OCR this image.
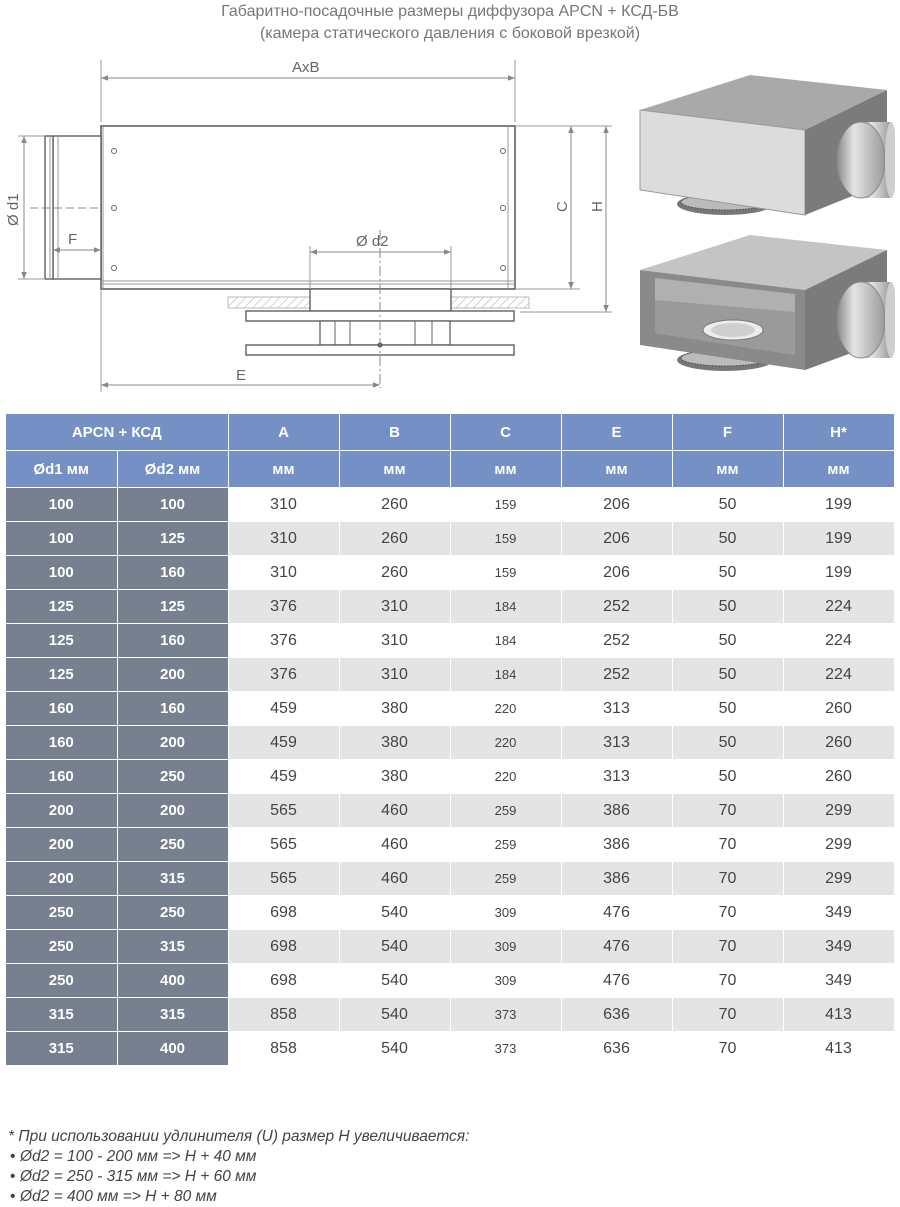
Габаритно-посадочные размеры диффузора APCN + КСД-БВ
(камера статического давления с боковой врезкой)
AxB
Ø d1
F
C H
Ø d2
E
APCN + КСД		A	B	C	E	F	H*
Ød1 мм	Ød2 мм	мм	мм	мм	мм	мм	мм
100	100	310	260	159	206	50	199
100	125	310	260	159	206	50	199
100	160	310	260	159	206	50	199
125	125	376	310	184	252	50	224
125	160	376	310	184	252	50	224
125	200	376	310	184	252	50	224
160	160	459	380	220	313	50	260
160	200	459	380	220	313	50	260
160	250	459	380	220	313	50	260
200	200	565	460	259	386	70	299
200	250	565	460	259	386	70	299
200	315	565	460	259	386	70	299
250	250	698	540	309	476	70	349
250	315	698	540	309	476	70	349
250	400	698	540	309	476	70	349
315	315	858	540	373	636	70	413
315	400	858	540	373	636	70	413
* При использовании удлинителя (U) размер H увеличивается:
• Ød2 = 100 - 200 мм => H + 40 мм
• Ød2 = 250 - 315 мм => H + 60 мм
• Ød2 = 400 мм => H + 80 мм
